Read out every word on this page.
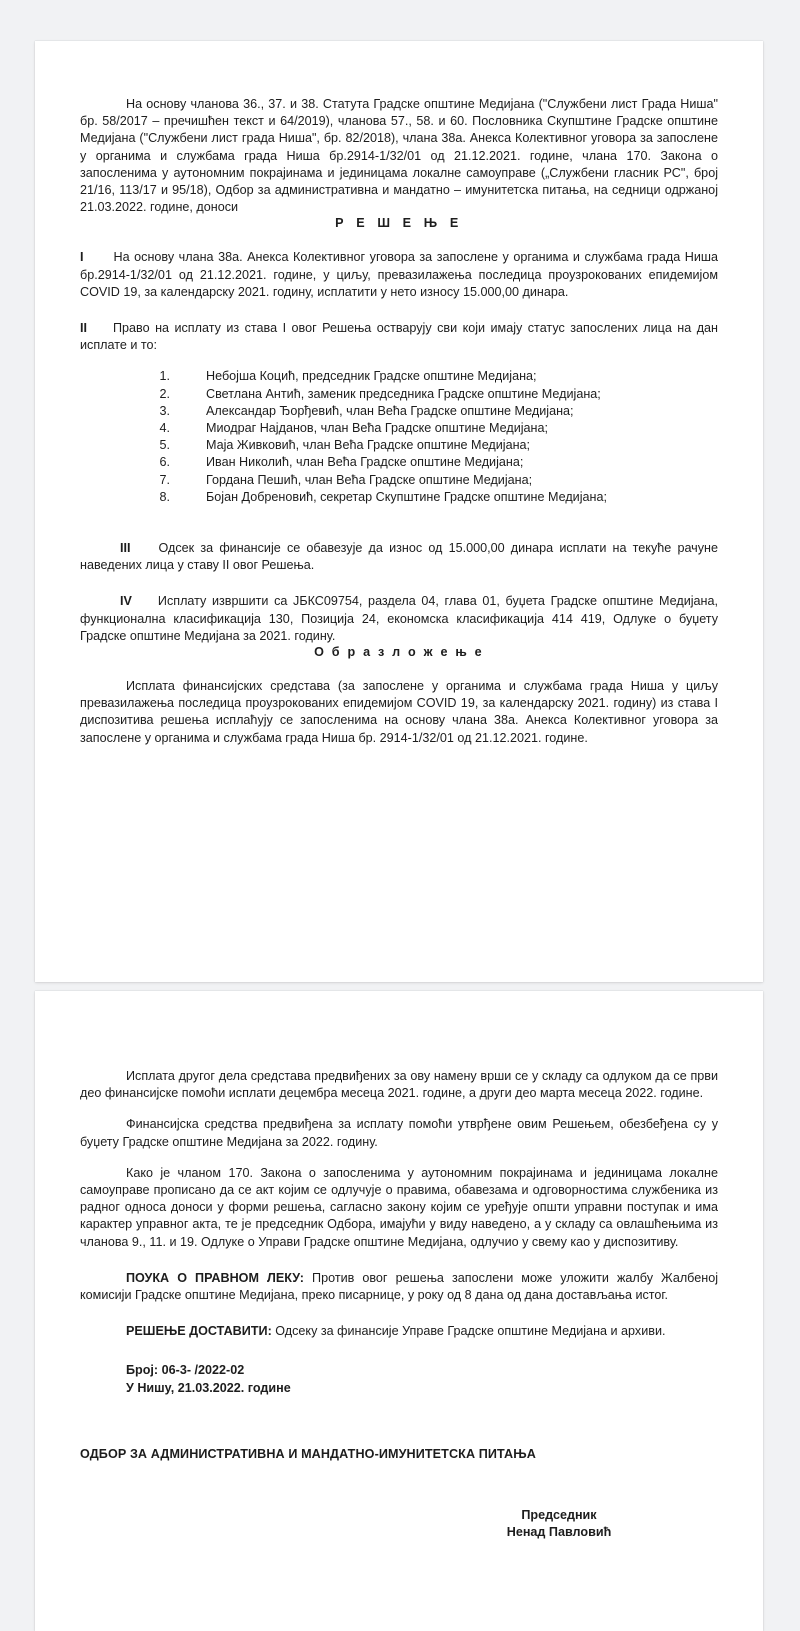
На основу чланова 36., 37. и 38. Статута Градске општине Медијана ("Службени лист Града Ниша" бр. 58/2017 – пречишћен текст и 64/2019), чланова 57., 58. и 60. Пословника Скупштине Градске општине Медијана ("Службени лист града Ниша", бр. 82/2018), члана 38а. Анекса Колективног уговора за запослене у органима и службама града Ниша бр.2914-1/32/01 од 21.12.2021. године, члана 170. Закона о запосленима у аутономним покрајинама и јединицама локалне самоуправе („Службени гласник РС", број 21/16, 113/17 и 95/18), Одбор за административна и мандатно – имунитетска питања, на седници одржаној 21.03.2022. године, доноси

Р Е Ш Е Њ Е

I На основу члана 38а. Анекса Колективног уговора за запослене у органима и службама града Ниша бр.2914-1/32/01 од 21.12.2021. године, у циљу, превазилажења последица проузрокованих епидемијом COVID 19, за календарску 2021. годину, исплатити у нето износу 15.000,00 динара.

II Право на исплату из става I овог Решења остварују сви који имају статус запослених лица на дан исплате и то:

1.	Небојша Коцић, председник Градске општине Медијана;
2.	Светлана Антић, заменик председника Градске општине Медијана;
3.	Александар Ђорђевић, члан Већа Градске општине Медијана;
4.	Миодраг Најданов, члан Већа Градске општине Медијана;
5.	Маја Живковић, члан Већа Градске општине Медијана;
6.	Иван Николић, члан Већа Градске општине Медијана;
7.	Гордана Пешић, члан Већа Градске општине Медијана;
8.	Бојан Добреновић, секретар Скупштине Градске општине Медијана;

III Одсек за финансије се обавезује да износ од 15.000,00 динара исплати на текуће рачуне наведених лица у ставу II овог Решења.

IV Исплату извршити са ЈБКС09754, раздела 04, глава 01, буџета Градске општине Медијана, функционална класификација 130, Позиција 24, економска класификација 414 419, Одлуке о буџету Градске општине Медијана за 2021. годину.

О б р а з л о ж е њ е

Исплата финансијских средстава (за запослене у органима и службама града Ниша у циљу превазилажења последица проузрокованих епидемијом COVID 19, за календарску 2021. годину) из става I диспозитива решења исплаћују се запосленима на основу члана 38а. Анекса Колективног уговора за запослене у органима и службама града Ниша бр. 2914-1/32/01 од 21.12.2021. године.

Исплата другог дела средстава предвиђених за ову намену врши се у складу са одлуком да се први део финансијске помоћи исплати децембра месеца 2021. године, а други део марта месеца 2022. године.

Финансијска средства предвиђена за исплату помоћи утврђене овим Решењем, обезбеђена су у буџету Градске општине Медијана за 2022. годину.

Како је чланом 170. Закона о запосленима у аутономним покрајинама и јединицама локалне самоуправе прописано да се акт којим се одлучује о правима, обавезама и одговорностима службеника из радног односа доноси у форми решења, сагласно закону којим се уређује општи управни поступак и има карактер управног акта, те је председник Одбора, имајући у виду наведено, а у складу са овлашћењима из чланова 9., 11. и 19. Одлуке о Управи Градске општине Медијана, одлучио у свему као у диспозитиву.

ПОУКА О ПРАВНОМ ЛЕКУ: Против овог решења запослени може уложити жалбу Жалбеној комисији Градске општине Медијана, преко писарнице, у року од 8 дана од дана достављања истог.

РЕШЕЊЕ ДОСТАВИТИ: Одсеку за финансије Управе Градске општине Медијана и архиви.

Број: 06-3- /2022-02
У Нишу, 21.03.2022. године
ОДБОР ЗА АДМИНИСТРАТИВНА И МАНДАТНО-ИМУНИТЕТСКА ПИТАЊА
Председник
Ненад Павловић
